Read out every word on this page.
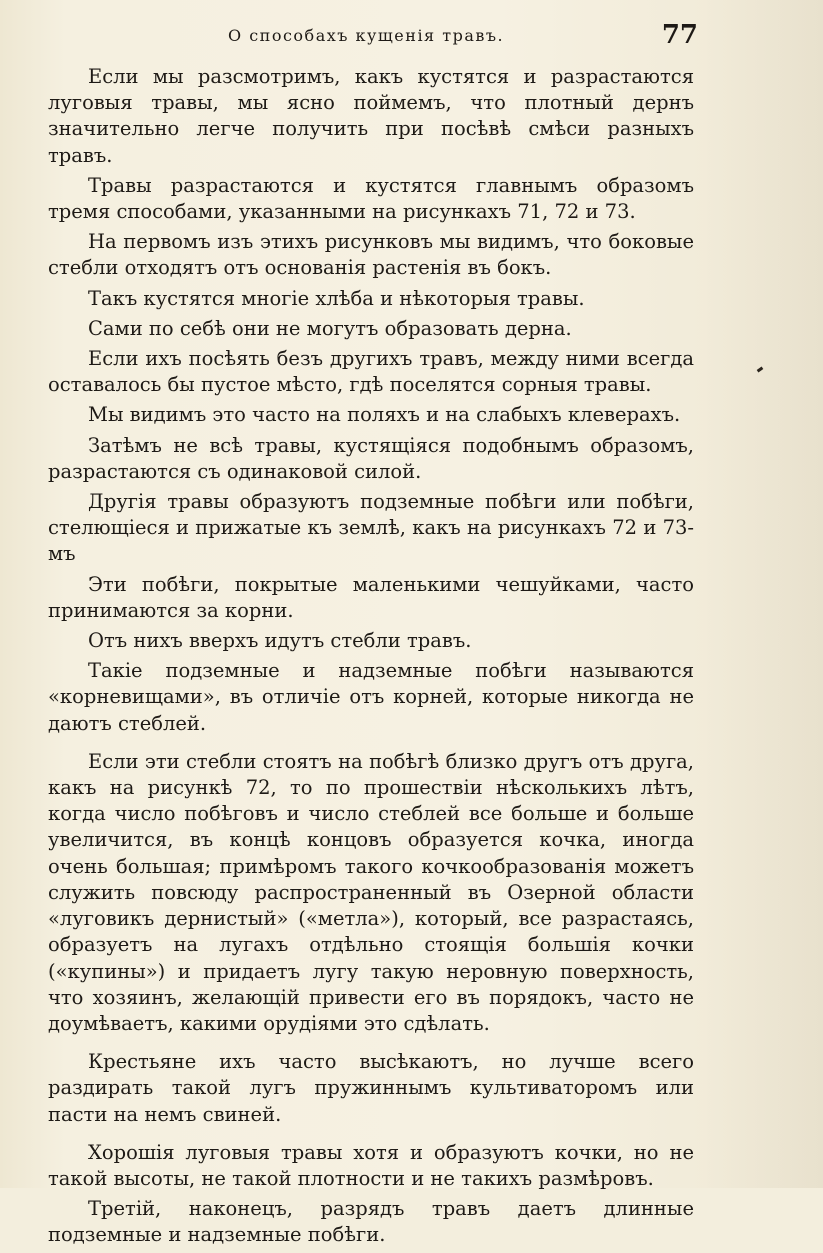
О способахъ кущенія травъ.	77

Если мы разсмотримъ, какъ кустятся и разрастаются луговыя травы, мы ясно поймемъ, что плотный дернъ значительно легче получить при посѣвѣ смѣси разныхъ травъ.

Травы разрастаются и кустятся главнымъ образомъ тремя способами, указанными на рисункахъ 71, 72 и 73.

На первомъ изъ этихъ рисунковъ мы видимъ, что боковые стебли отходятъ отъ основанія растенія въ бокъ.

Такъ кустятся многіе хлѣба и нѣкоторыя травы.

Сами по себѣ они не могутъ образовать дерна.

Если ихъ посѣять безъ другихъ травъ, между ними всегда оставалось бы пустое мѣсто, гдѣ поселятся сорныя травы.

Мы видимъ это часто на поляхъ и на слабыхъ клеверахъ.

Затѣмъ не всѣ травы, кустящіяся подобнымъ образомъ, разрастаются съ одинаковой силой.

Другія травы образуютъ подземные побѣги или побѣги, стелющіеся и прижатые къ землѣ, какъ на рисункахъ 72 и 73-мъ

Эти побѣги, покрытые маленькими чешуйками, часто принимаются за корни.

Отъ нихъ вверхъ идутъ стебли травъ.

Такіе подземные и надземные побѣги называются «корневищами», въ отличіе отъ корней, которые никогда не даютъ стеблей.

Если эти стебли стоятъ на побѣгѣ близко другъ отъ друга, какъ на рисункѣ 72, то по прошествіи нѣсколькихъ лѣтъ, когда число побѣговъ и число стеблей все больше и больше увеличится, въ концѣ концовъ образуется кочка, иногда очень большая; примѣромъ такого кочкообразованія можетъ служить повсюду распространенный въ Озерной области «луговикъ дернистый» («метла»), который, все разрастаясь, образуетъ на лугахъ отдѣльно стоящія большія кочки («купины») и придаетъ лугу такую неровную поверхность, что хозяинъ, желающій привести его въ порядокъ, часто не доумѣваетъ, какими орудіями это сдѣлать.

Крестьяне ихъ часто высѣкаютъ, но лучше всего раздирать такой лугъ пружиннымъ культиваторомъ или пасти на немъ свиней.

Хорошія луговыя травы хотя и образуютъ кочки, но не такой высоты, не такой плотности и не такихъ размѣровъ.

Третій, наконецъ, разрядъ травъ даетъ длинные подземные и надземные побѣги.
